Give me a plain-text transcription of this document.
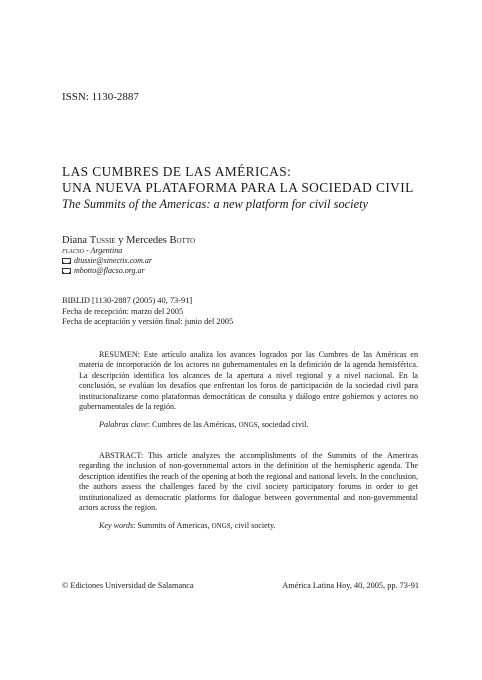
ISSN: 1130-2887
LAS CUMBRES DE LAS AMÉRICAS:
UNA NUEVA PLATAFORMA PARA LA SOCIEDAD CIVIL
The Summits of the Americas: a new platform for civil society
Diana Tussie y Mercedes Botto
flacso - Argentina
dtussie@sinectis.com.ar
mbotto@flacso.org.ar
BIBLID [1130-2887 (2005) 40, 73-91]
Fecha de recepción: marzo del 2005
Fecha de aceptación y versión final: junio del 2005
RESUMEN: Este artículo analiza los avances logrados por las Cumbres de las Américas en materia de incorporación de los actores no gubernamentales en la definición de la agenda hemisférica. La descripción identifica los alcances de la apertura a nivel regional y a nivel nacional. En la conclusión, se evalúan los desafíos que enfrentan los foros de participación de la sociedad civil para institucionalizarse como plataformas democráticas de consulta y diálogo entre gobiernos y actores no gubernamentales de la región.
Palabras clave: Cumbres de las Américas, ongs, sociedad civil.
ABSTRACT: This article analyzes the accomplishments of the Summits of the Americas regarding the inclusion of non-governmental actors in the definition of the hemispheric agenda. The description identifies the reach of the opening at both the regional and national levels. In the conclusion, the authors assess the challenges faced by the civil society participatory forums in order to get institutionalized as democratic platforms for dialogue between governmental and non-governmental actors across the region.
Key words: Summits of Americas, ongs, civil society.
© Ediciones Universidad de Salamanca	América Latina Hoy, 40, 2005, pp. 73-91
